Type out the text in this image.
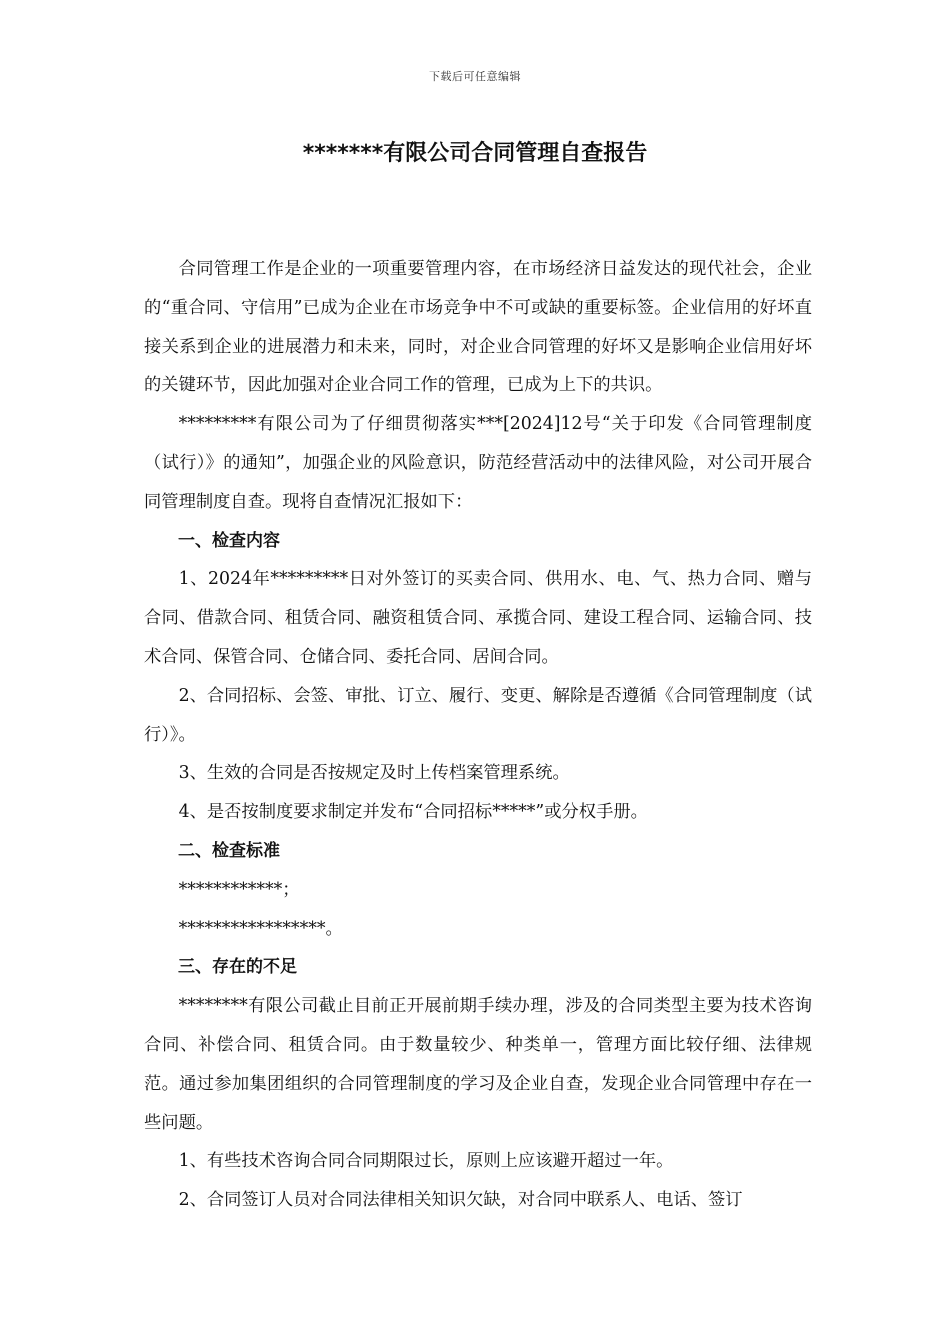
下载后可任意编辑
*******有限公司合同管理自查报告

合同管理工作是企业的一项重要管理内容，在市场经济日益发达的现代社会，企业的“重合同、守信用”已成为企业在市场竞争中不可或缺的重要标签。企业信用的好坏直接关系到企业的进展潜力和未来，同时，对企业合同管理的好坏又是影响企业信用好坏的关键环节，因此加强对企业合同工作的管理，已成为上下的共识。

*********有限公司为了仔细贯彻落实***[2024]12号“关于印发《合同管理制度（试行）》的通知”，加强企业的风险意识，防范经营活动中的法律风险，对公司开展合同管理制度自查。现将自查情况汇报如下：

一、检查内容

1、2024年*********日对外签订的买卖合同、供用水、电、气、热力合同、赠与合同、借款合同、租赁合同、融资租赁合同、承揽合同、建设工程合同、运输合同、技术合同、保管合同、仓储合同、委托合同、居间合同。

2、合同招标、会签、审批、订立、履行、变更、解除是否遵循《合同管理制度（试行）》。

3、生效的合同是否按规定及时上传档案管理系统。

4、是否按制度要求制定并发布“合同招标*****”或分权手册。

二、检查标准

************；

*****************。

三、存在的不足

********有限公司截止目前正开展前期手续办理，涉及的合同类型主要为技术咨询合同、补偿合同、租赁合同。由于数量较少、种类单一，管理方面比较仔细、法律规范。通过参加集团组织的合同管理制度的学习及企业自查，发现企业合同管理中存在一些问题。

1、有些技术咨询合同合同期限过长，原则上应该避开超过一年。

2、合同签订人员对合同法律相关知识欠缺，对合同中联系人、电话、签订
